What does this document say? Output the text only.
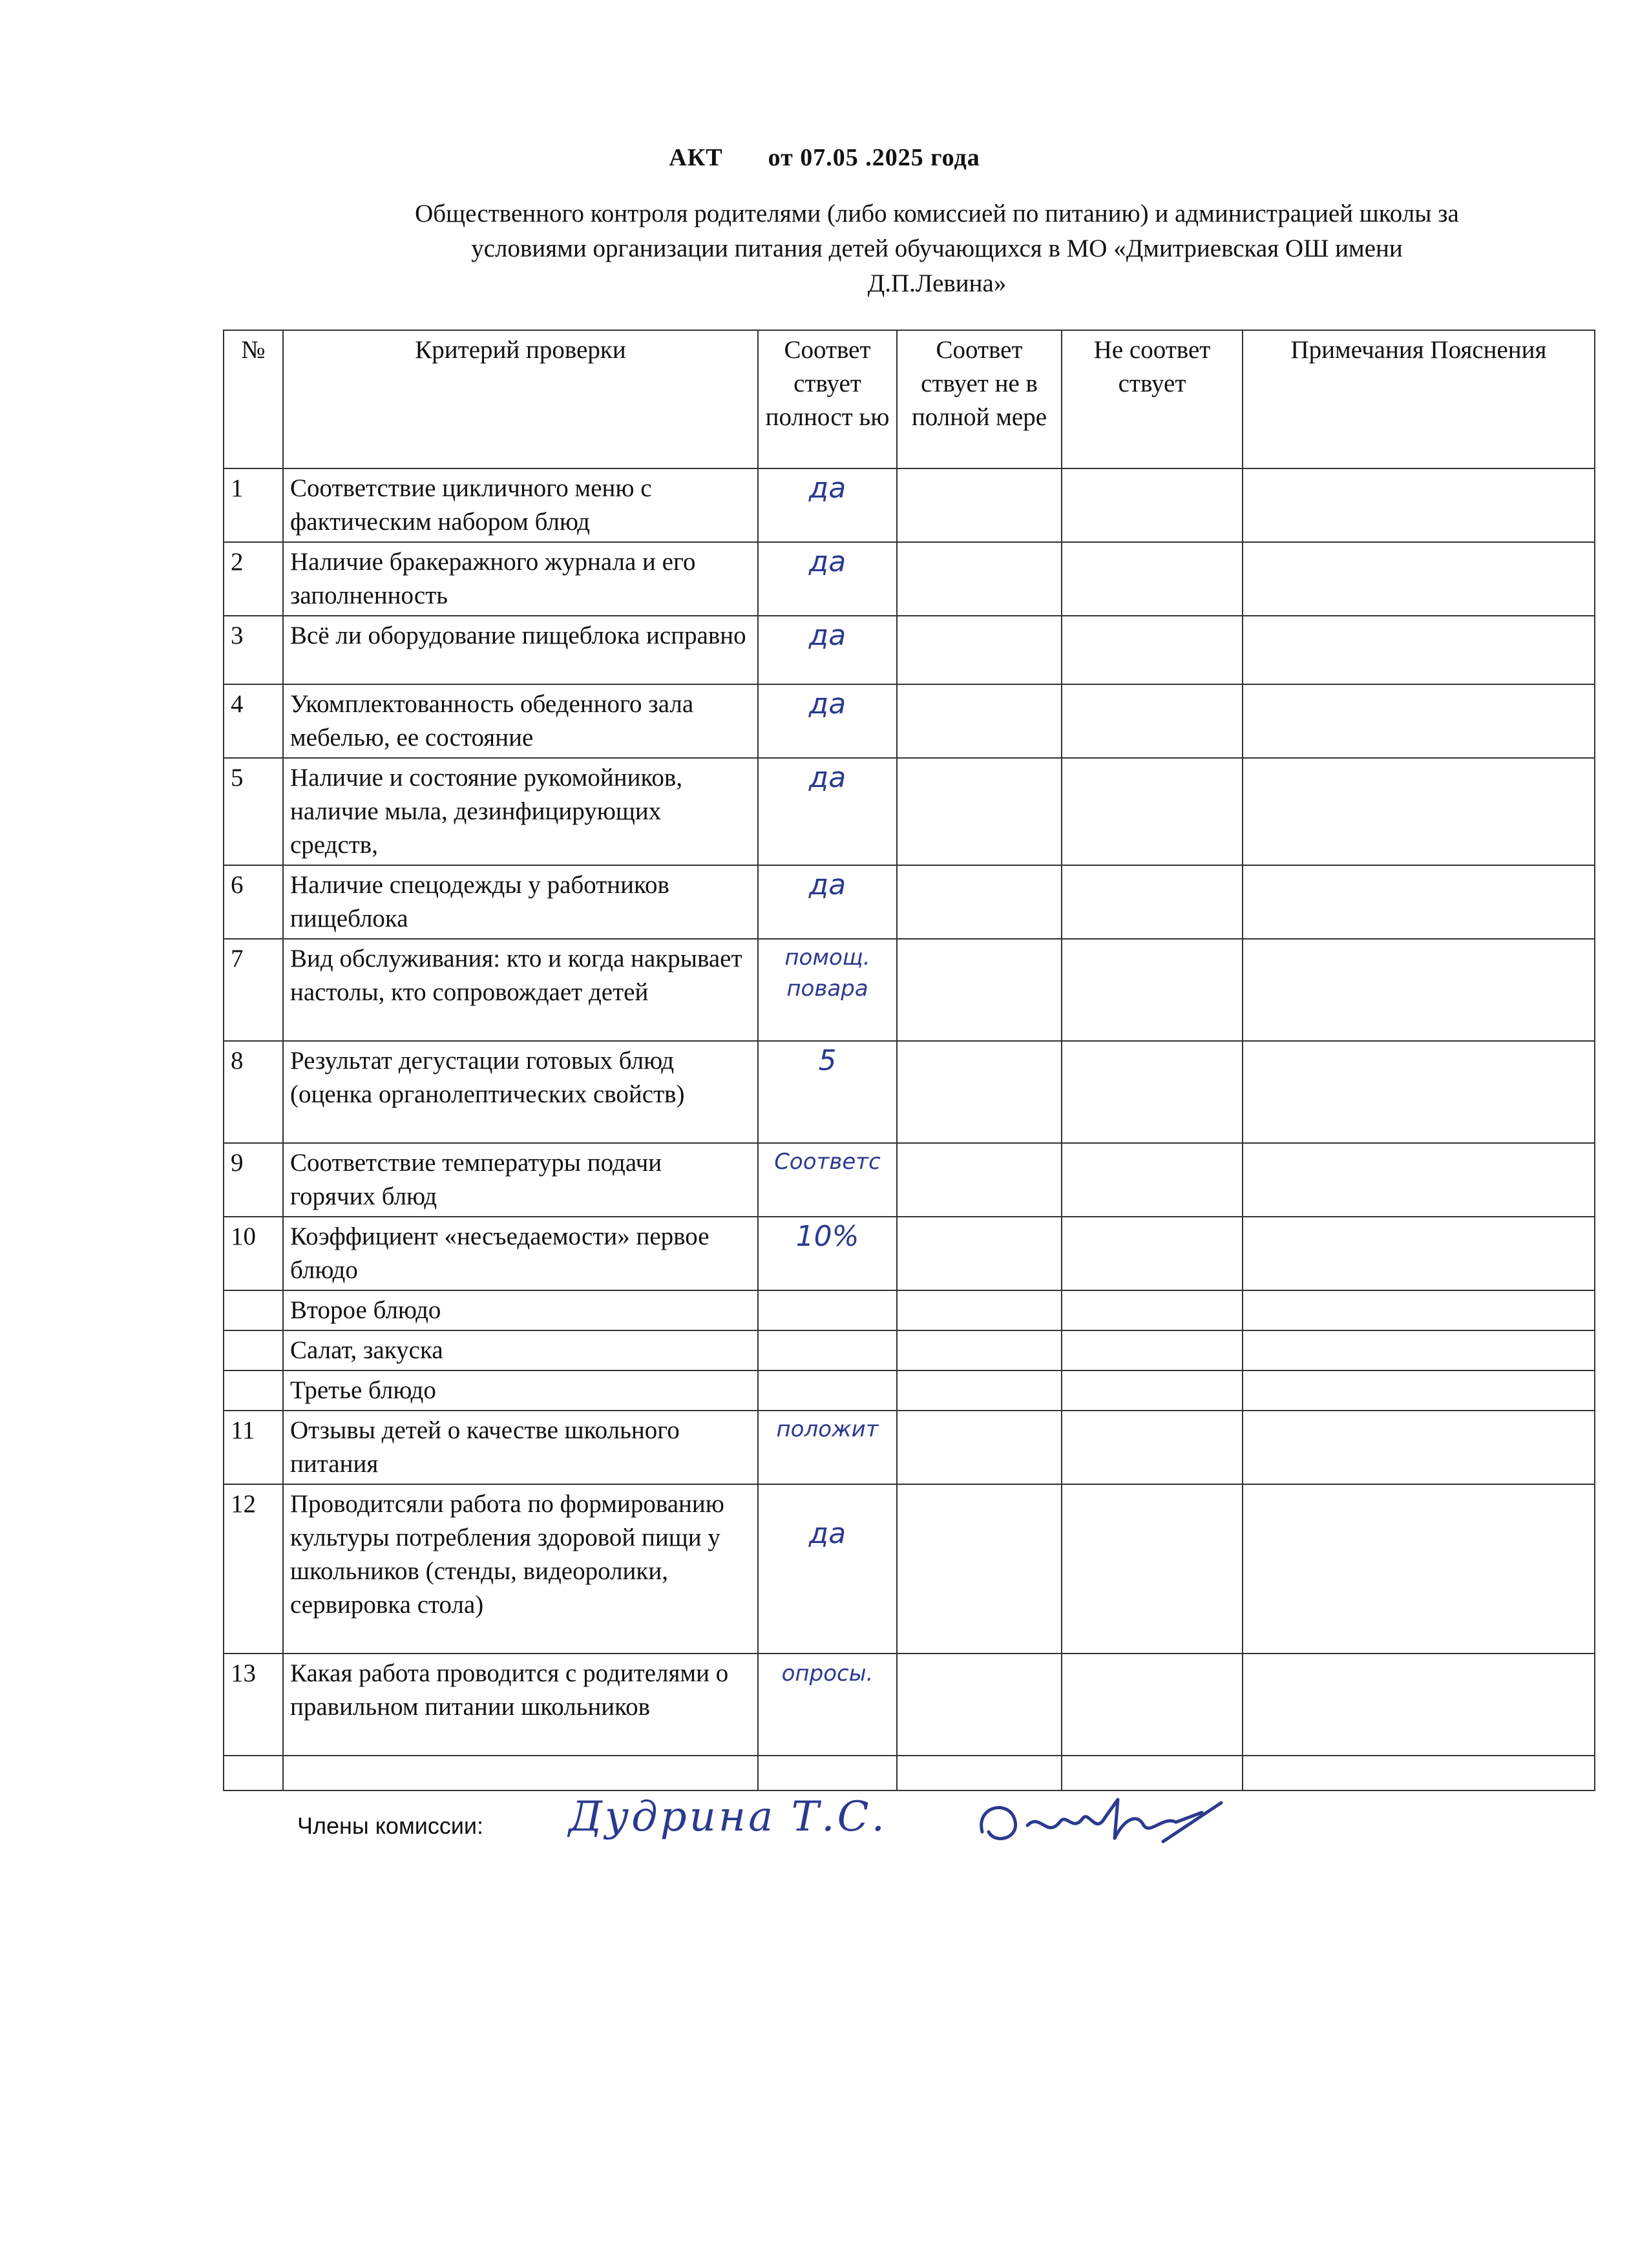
АКТ от 07.05 .2025 года
Общественного контроля родителями (либо комиссией по питанию) и администрацией школы за
условиями организации питания детей обучающихся в МО «Дмитриевская ОШ имени
Д.П.Левина»
№	Критерий проверки	Соответ ствует полност ью	Соответ ствует не в полной мере	Не соответ ствует	Примечания Пояснения
1	Соответствие цикличного меню с фактическим набором блюд	да			
2	Наличие бракеражного журнала и его заполненность	да			
3	Всё ли оборудование пищеблока исправно	да			
4	Укомплектованность обеденного зала мебелью, ее состояние	да			
5	Наличие и состояние рукомойников, наличие мыла, дезинфицирующих средств,	да			
6	Наличие спецодежды у работников пищеблока	да			
7	Вид обслуживания: кто и когда накрывает настолы, кто сопровождает детей	помощ. повара			
8	Результат дегустации готовых блюд (оценка органолептических свойств)	5			
9	Соответствие температуры подачи горячих блюд	Соответс			
10	Коэффициент «несъедаемости» первое блюдо	10%			
	Второе блюдо				
	Салат, закуска				
	Третье блюдо				
11	Отзывы детей о качестве школьного питания	положит			
12	Проводитсяли работа по формированию культуры потребления здоровой пищи у школьников (стенды, видеоролики, сервировка стола)	да			
13	Какая работа проводится с родителями о правильном питании школьников	опросы.			

Члены комиссии: Дудрина Т.С.
